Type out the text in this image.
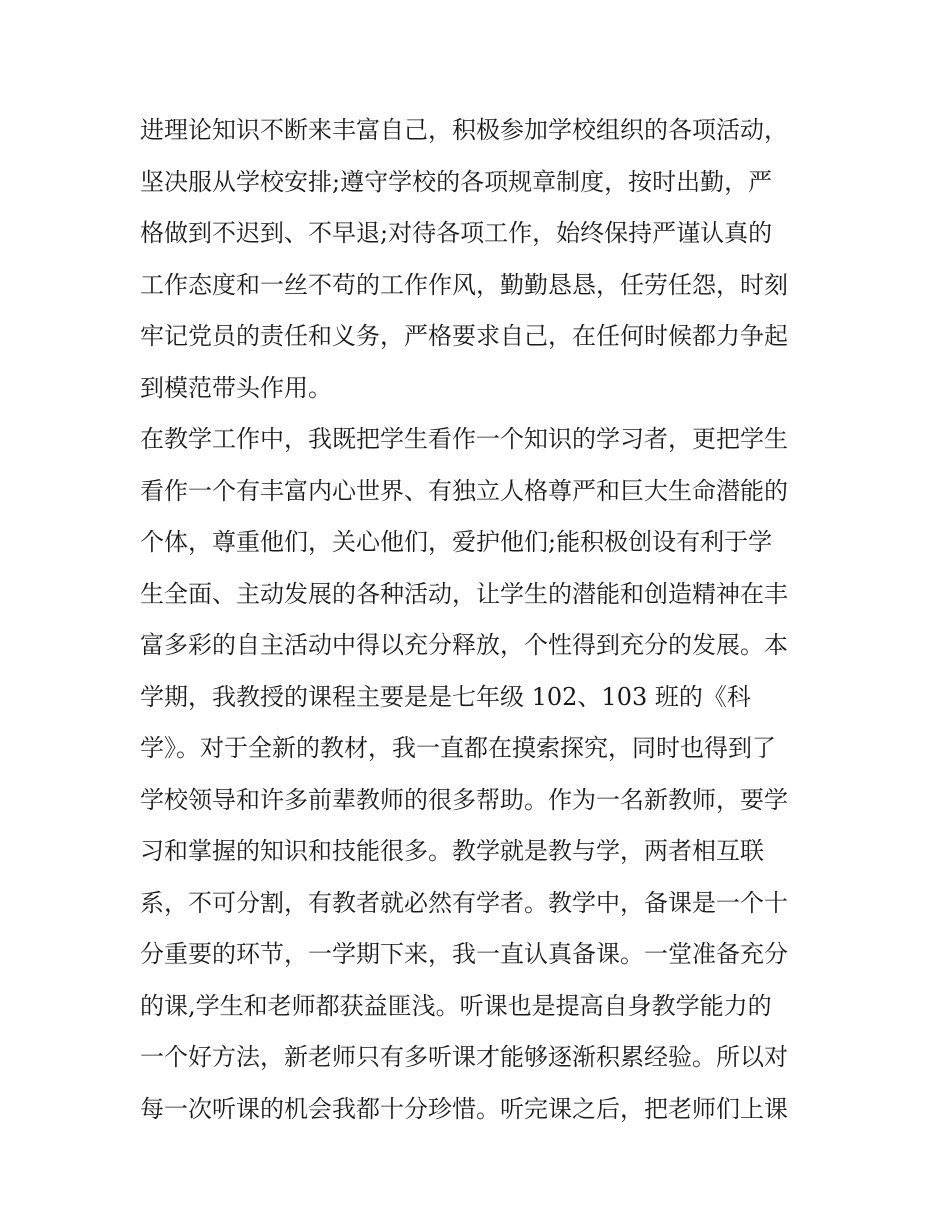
进理论知识不断来丰富自己，积极参加学校组织的各项活动，
坚决服从学校安排;遵守学校的各项规章制度，按时出勤，严
格做到不迟到、不早退;对待各项工作，始终保持严谨认真的
工作态度和一丝不苟的工作作风，勤勤恳恳，任劳任怨，时刻
牢记党员的责任和义务，严格要求自己，在任何时候都力争起
到模范带头作用。
在教学工作中，我既把学生看作一个知识的学习者，更把学生
看作一个有丰富内心世界、有独立人格尊严和巨大生命潜能的
个体，尊重他们，关心他们，爱护他们;能积极创设有利于学
生全面、主动发展的各种活动，让学生的潜能和创造精神在丰
富多彩的自主活动中得以充分释放，个性得到充分的发展。本
学期，我教授的课程主要是是七年级 102、103 班的《科
学》。对于全新的教材，我一直都在摸索探究，同时也得到了
学校领导和许多前辈教师的很多帮助。作为一名新教师，要学
习和掌握的知识和技能很多。教学就是教与学，两者相互联
系，不可分割，有教者就必然有学者。教学中，备课是一个十
分重要的环节，一学期下来，我一直认真备课。一堂准备充分
的课,学生和老师都获益匪浅。听课也是提高自身教学能力的
一个好方法，新老师只有多听课才能够逐渐积累经验。所以对
每一次听课的机会我都十分珍惜。听完课之后，把老师们上课
